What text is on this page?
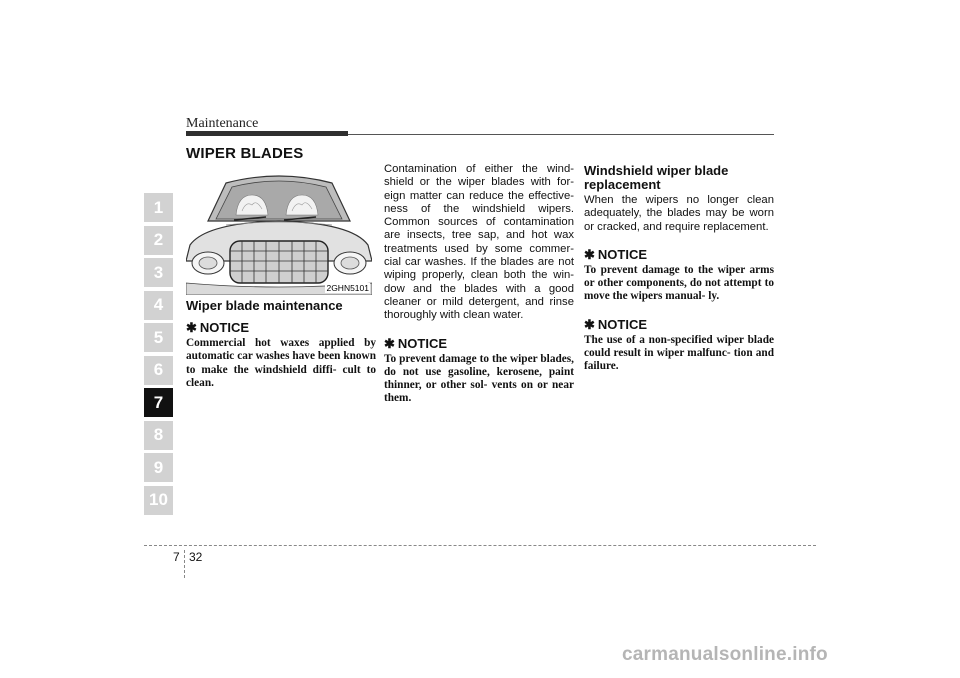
Maintenance
1
2
3
4
5
6
7
8
9
10
WIPER BLADES
2GHN5101

Wiper blade maintenance

✱ NOTICE

Commercial hot waxes applied by automatic car washes have been known to make the windshield diffi- cult to clean.

Contamination of either the wind- shield or the wiper blades with for- eign matter can reduce the effective- ness of the windshield wipers. Common sources of contamination are insects, tree sap, and hot wax treatments used by some commer- cial car washes. If the blades are not wiping properly, clean both the win- dow and the blades with a good cleaner or mild detergent, and rinse thoroughly with clean water.

✱ NOTICE

To prevent damage to the wiper blades, do not use gasoline, kerosene, paint thinner, or other sol- vents on or near them.

Windshield wiper blade replacement

When the wipers no longer clean adequately, the blades may be worn or cracked, and require replacement.

✱ NOTICE

To prevent damage to the wiper arms or other components, do not attempt to move the wipers manual- ly.

✱ NOTICE

The use of a non-specified wiper blade could result in wiper malfunc- tion and failure.

7 32
carmanualsonline.info
